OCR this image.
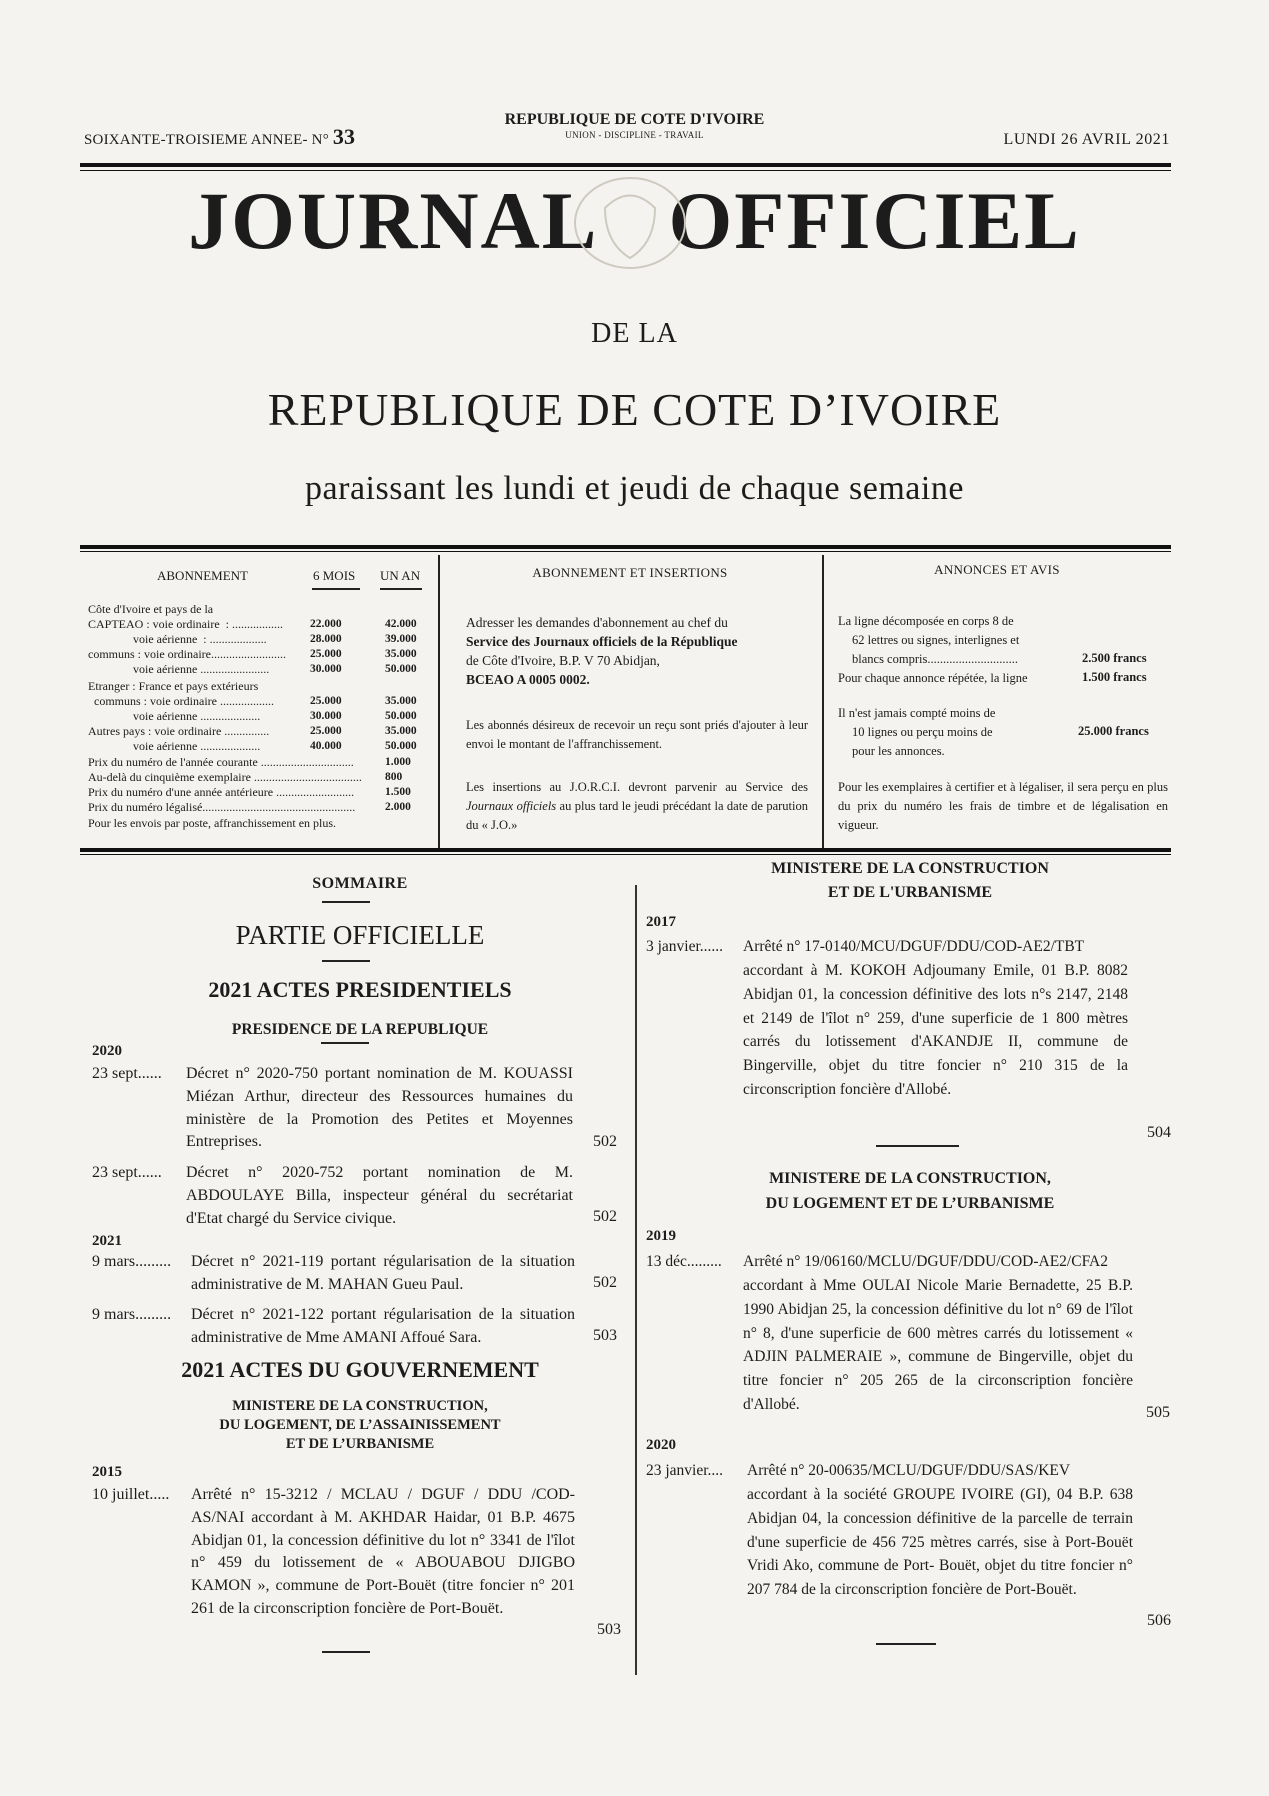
SOIXANTE-TROISIEME ANNEE- N° 33
REPUBLIQUE DE COTE D'IVOIRE
UNION - DISCIPLINE - TRAVAIL	LUNDI 26 AVRIL 2021
JOURNAL OFFICIEL
DE LA
REPUBLIQUE DE COTE D’IVOIRE
paraissant les lundi et jeudi de chaque semaine
ABONNEMENT	6 MOIS UN AN
Côte d'Ivoire et pays de la
CAPTEAO : voie ordinaire  : ................. 22.000	42.000
voie aérienne  : ...................	28.000	39.000
communs : voie ordinaire......................... 25.000	35.000
voie aérienne .......................	30.000	50.000
Etranger : France et pays extérieurs
communs : voie ordinaire ..................	25.000	35.000
voie aérienne ....................	30.000	50.000
Autres pays : voie ordinaire ...............	25.000	35.000
voie aérienne ....................	40.000	50.000
Prix du numéro de l'année courante ...............................	1.000
Au-delà du cinquième exemplaire .................................... 800
Prix du numéro d'une année antérieure ..........................	1.500
Prix du numéro légalisé...................................................	2.000
Pour les envois par poste, affranchissement en plus.
ABONNEMENT ET INSERTIONS
Adresser les demandes d'abonnement au chef du
Service des Journaux officiels de la République
de Côte d'Ivoire, B.P. V 70 Abidjan,
BCEAO A 0005 0002.
Les abonnés désireux de recevoir un reçu sont priés d'ajouter à leur envoi le montant de l'affranchissement.
Les insertions au J.O.R.C.I. devront parvenir au Service des Journaux officiels au plus tard le jeudi précédant la date de parution du « J.O.»
ANNONCES ET AVIS
La ligne décomposée en corps 8 de
62 lettres ou signes, interlignes et
blancs compris.............................	2.500 francs
Pour chaque annonce répétée, la ligne	1.500 francs
Il n'est jamais compté moins de
10 lignes ou perçu moins de	25.000 francs
pour les annonces.
Pour les exemplaires à certifier et à légaliser, il sera perçu en plus du prix du numéro les frais de timbre et de légalisation en vigueur.
SOMMAIRE
PARTIE OFFICIELLE
2021 ACTES PRESIDENTIELS
PRESIDENCE DE LA REPUBLIQUE
2020
23 sept......	Décret n° 2020-750 portant nomination de M. KOUASSI Miézan Arthur, directeur des Ressources humaines du ministère de la Promotion des Petites et Moyennes Entreprises.	502
23 sept......	Décret n° 2020-752 portant nomination de M. ABDOULAYE Billa, inspecteur général du secrétariat d'Etat chargé du Service civique.	502
2021
9 mars.........	Décret n° 2021-119 portant régularisation de la situation administrative de M. MAHAN Gueu Paul.	502
9 mars.........	Décret n° 2021-122 portant régularisation de la situation administrative de Mme AMANI Affoué Sara.	503
2021 ACTES DU GOUVERNEMENT
MINISTERE DE LA CONSTRUCTION,
DU LOGEMENT, DE L’ASSAINISSEMENT
ET DE L’URBANISME
2015
10 juillet.....	Arrêté n° 15-3212 / MCLAU / DGUF / DDU /COD-AS/NAI accordant à M. AKHDAR Haidar, 01 B.P. 4675 Abidjan 01, la concession définitive du lot n° 3341 de l'îlot n° 459 du lotissement de « ABOUABOU DJIGBO KAMON », commune de Port-Bouët (titre foncier n° 201 261 de la circonscription foncière de Port-Bouët.
503
MINISTERE DE LA CONSTRUCTION
ET DE L'URBANISME
2017
3 janvier...... Arrêté n° 17-0140/MCU/DGUF/DDU/COD-AE2/TBT
accordant à M. KOKOH Adjoumany Emile, 01 B.P. 8082 Abidjan 01, la concession définitive des lots n°s 2147, 2148 et 2149 de l'îlot n° 259, d'une superficie de 1 800 mètres carrés du lotissement d'AKANDJE II, commune de Bingerville, objet du titre foncier n° 210 315 de la circonscription foncière d'Allobé.
504
MINISTERE DE LA CONSTRUCTION,
DU LOGEMENT ET DE L’URBANISME
2019
13 déc......... Arrêté n° 19/06160/MCLU/DGUF/DDU/COD-AE2/CFA2
accordant à Mme OULAI Nicole Marie Bernadette, 25 B.P. 1990 Abidjan 25, la concession définitive du lot n° 69 de l'îlot n° 8, d'une superficie de 600 mètres carrés du lotissement « ADJIN PALMERAIE », commune de Bingerville, objet du titre foncier n° 205 265 de la circonscription foncière d'Allobé.	505
2020
23 janvier.... Arrêté n° 20-00635/MCLU/DGUF/DDU/SAS/KEV
accordant à la société GROUPE IVOIRE (GI), 04 B.P. 638 Abidjan 04, la concession définitive de la parcelle de terrain d'une superficie de 456 725 mètres carrés, sise à Port-Bouët Vridi Ako, commune de Port- Bouët, objet du titre foncier n° 207 784 de la circonscription foncière de Port-Bouët.
506
